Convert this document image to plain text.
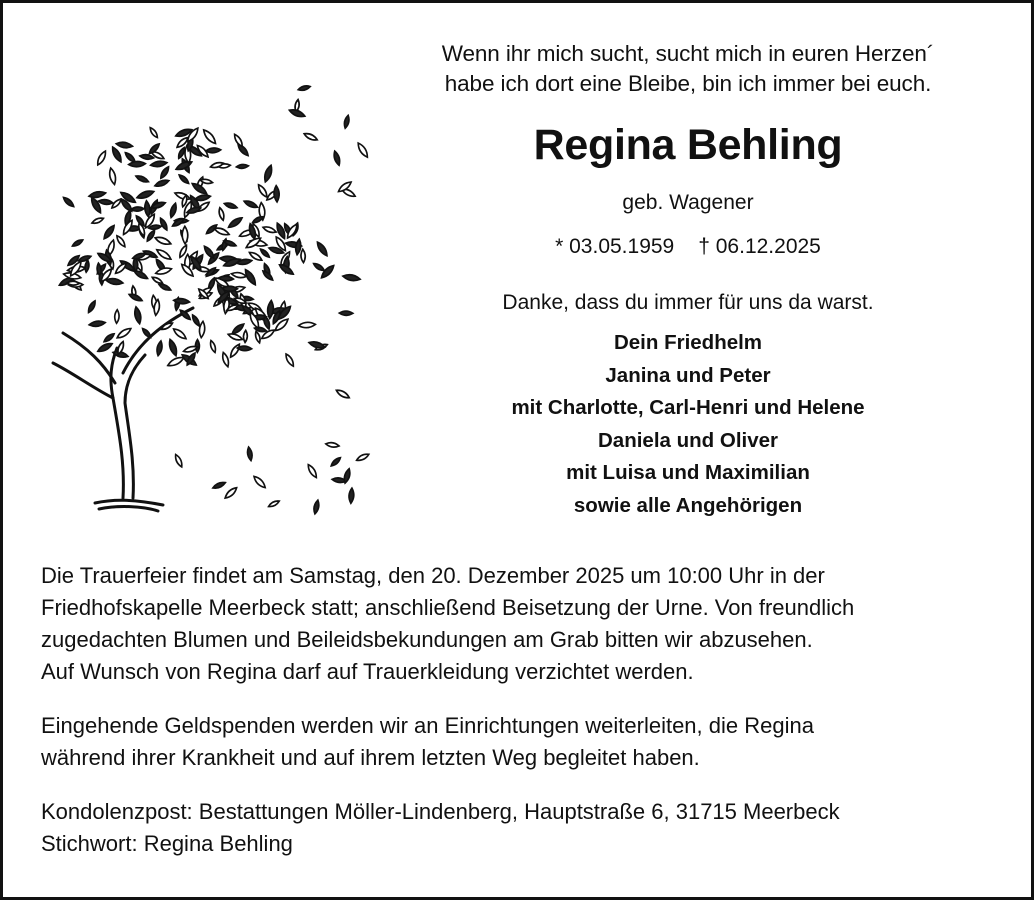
Wenn ihr mich sucht, sucht mich in euren Herzen´
habe ich dort eine Bleibe, bin ich immer bei euch.

Regina Behling
geb. Wagener
* 03.05.1959 † 06.12.2025
Danke, dass du immer für uns da warst.
Dein Friedhelm
Janina und Peter
mit Charlotte, Carl-Henri und Helene
Daniela und Oliver
mit Luisa und Maximilian
sowie alle Angehörigen

Die Trauerfeier findet am Samstag, den 20. Dezember 2025 um 10:00 Uhr in der
Friedhofskapelle Meerbeck statt; anschließend Beisetzung der Urne. Von freundlich
zugedachten Blumen und Beileidsbekundungen am Grab bitten wir abzusehen.
Auf Wunsch von Regina darf auf Trauerkleidung verzichtet werden.

Eingehende Geldspenden werden wir an Einrichtungen weiterleiten, die Regina
während ihrer Krankheit und auf ihrem letzten Weg begleitet haben.

Kondolenzpost: Bestattungen Möller-Lindenberg, Hauptstraße 6, 31715 Meerbeck
Stichwort: Regina Behling
